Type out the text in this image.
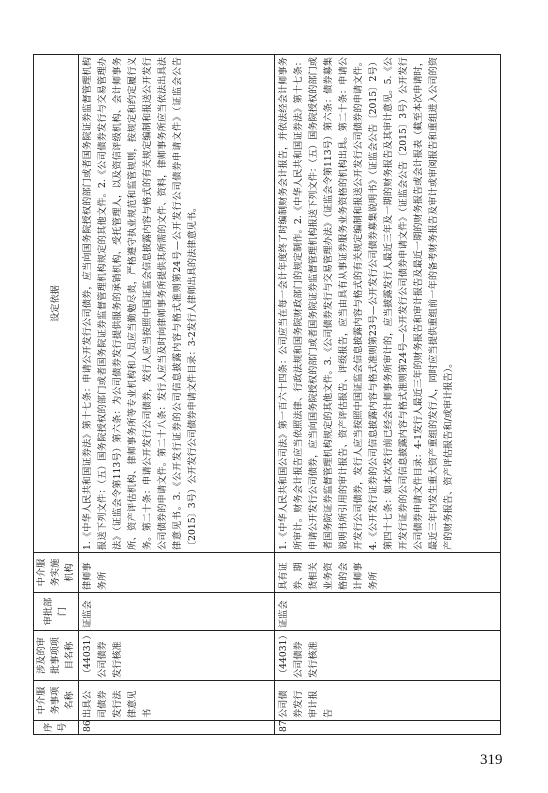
序号	中介服务事项名称	涉及的审批事项项目名称	审批部门	中介服务实施机构	设定依据
86	出具公司债券发行法律意见书	（44031）公司债券发行核准	证监会	律师事务所	1.《中华人民共和国证券法》第十七条：申请公开发行公司债券，应当向国务院授权的部门或者国务院证券监督管理机构报送下列文件：（五）国务院授权的部门或者国务院证券监督管理机构规定的其他文件。2.《公司债券发行与交易管理办法》（证监会令第113号）第六条：为公司债券发行提供服务的承销机构、受托管理人，以及资信评级机构、会计师事务所、资产评估机构、律师事务所等专业机构和人员应当勤勉尽责，严格遵守执业规范和监管规则，按规定和约定履行义务。第二十条：申请公开发行公司债券，发行人应当按照中国证监会信息披露内容与格式的有关规定编制和报送公开发行公司债券的申请文件。第二十八条：发行人应当及时向律师事务所提供其所需的文件、资料，律师事务所应当依法出具法律意见书。3.《公开发行证券的公司信息披露内容与格式准则第24号—公开发行公司债券申请文件》（证监会公告〔2015〕3号）公开发行公司债券申请文件目录：3-2发行人律师出具的法律意见书。
87	公司债券发行审计报告	（44031）公司债券发行核准	证监会	具有证券、期货相关业务资格的会计师事务所	1.《中华人民共和国公司法》第一百六十四条：公司应当在每一会计年度终了时编制财务会计报告，并依法经会计师事务所审计。财务会计报告应当依照法律、行政法规和国务院财政部门的规定制作。2.《中华人民共和国证券法》第十七条：申请公开发行公司债券，应当向国务院授权的部门或者国务院证券监督管理机构报送下列文件：（五）国务院授权的部门或者国务院证券监督管理机构规定的其他文件。3.《公司债券发行与交易管理办法》（证监会令第113号）第六条：债券募集说明书所引用的审计报告、资产评估报告、评级报告，应当由具有从事证券服务业务资格的机构出具。第二十条：申请公开发行公司债券，发行人应当按照中国证监会信息披露内容与格式的有关规定编制和报送公开发行公司债券的申请文件。4.《公开发行证券的公司信息披露内容与格式准则第23号—公开发行公司债券募集说明书》（证监会公告〔2015〕2号）第四十七条：如本次发行前已经会计师事务所审计的，应当披露发行人最近三年及一期的财务报告及其审计意见。5.《公开发行证券的公司信息披露内容与格式准则第24号—公开发行公司债券申请文件》（证监会公告〔2015〕3号）公开发行公司债券申请文件目录：4-1发行人最近三年的财务报告和审计报告及最近一期的财务报告或会计报表（截至本次申请时，最近三年内发生重大资产重组的发行人，同时应当提供重组前一年的备考财务报告及审计或审阅报告和重组进入公司的资产的财务报告、资产评估报告和/或审计报告）。
319
